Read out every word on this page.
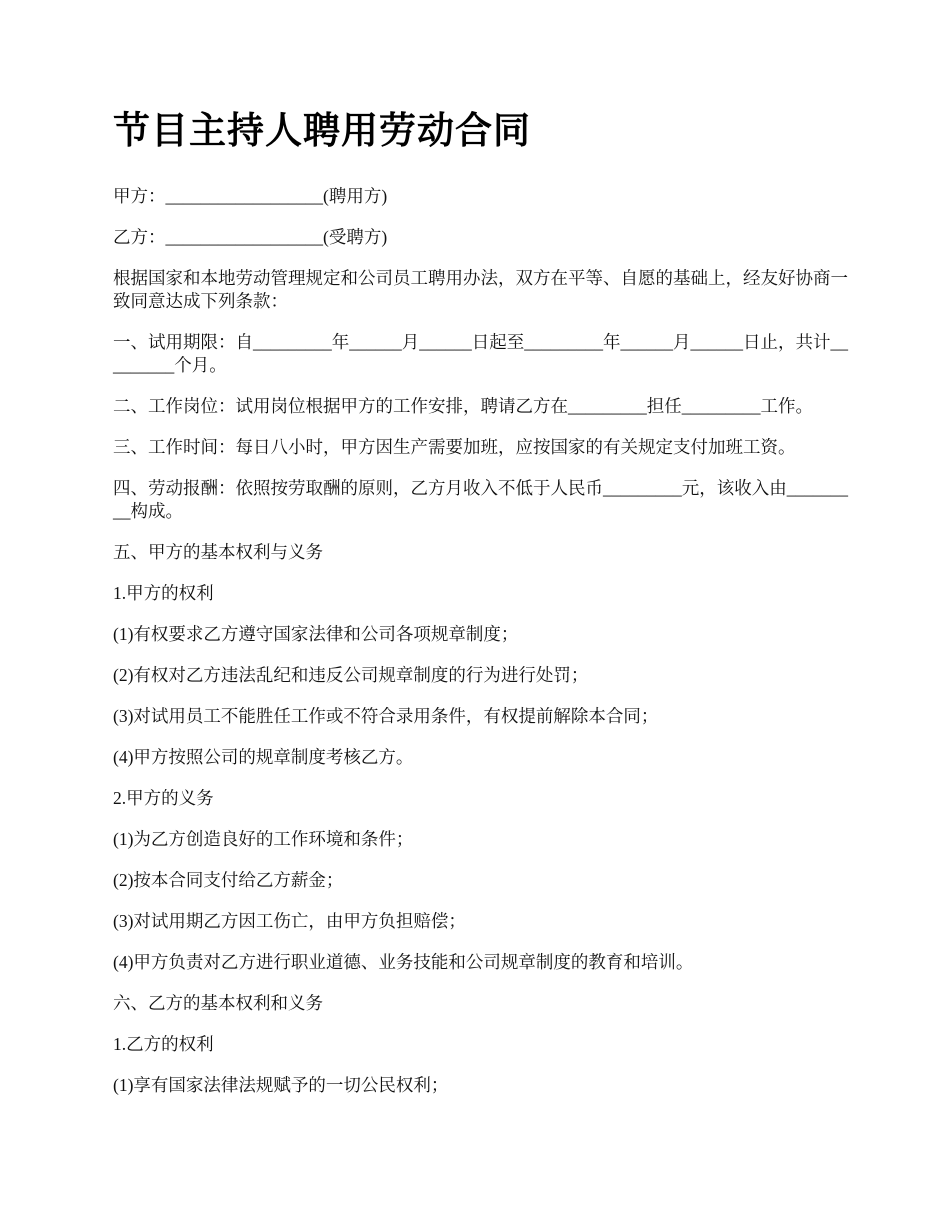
节目主持人聘用劳动合同

甲方：__________________(聘用方)

乙方：__________________(受聘方)

根据国家和本地劳动管理规定和公司员工聘用办法，双方在平等、自愿的基础上，经友好协商一致同意达成下列条款：

一、试用期限：自_________年______月______日起至_________年______月______日止，共计_________个月。

二、工作岗位：试用岗位根据甲方的工作安排，聘请乙方在_________担任_________工作。

三、工作时间：每日八小时，甲方因生产需要加班，应按国家的有关规定支付加班工资。

四、劳动报酬：依照按劳取酬的原则，乙方月收入不低于人民币_________元，该收入由_________构成。

五、甲方的基本权利与义务

1.甲方的权利

(1)有权要求乙方遵守国家法律和公司各项规章制度；

(2)有权对乙方违法乱纪和违反公司规章制度的行为进行处罚；

(3)对试用员工不能胜任工作或不符合录用条件，有权提前解除本合同；

(4)甲方按照公司的规章制度考核乙方。

2.甲方的义务

(1)为乙方创造良好的工作环境和条件；

(2)按本合同支付给乙方薪金；

(3)对试用期乙方因工伤亡，由甲方负担赔偿；

(4)甲方负责对乙方进行职业道德、业务技能和公司规章制度的教育和培训。

六、乙方的基本权利和义务

1.乙方的权利

(1)享有国家法律法规赋予的一切公民权利；
